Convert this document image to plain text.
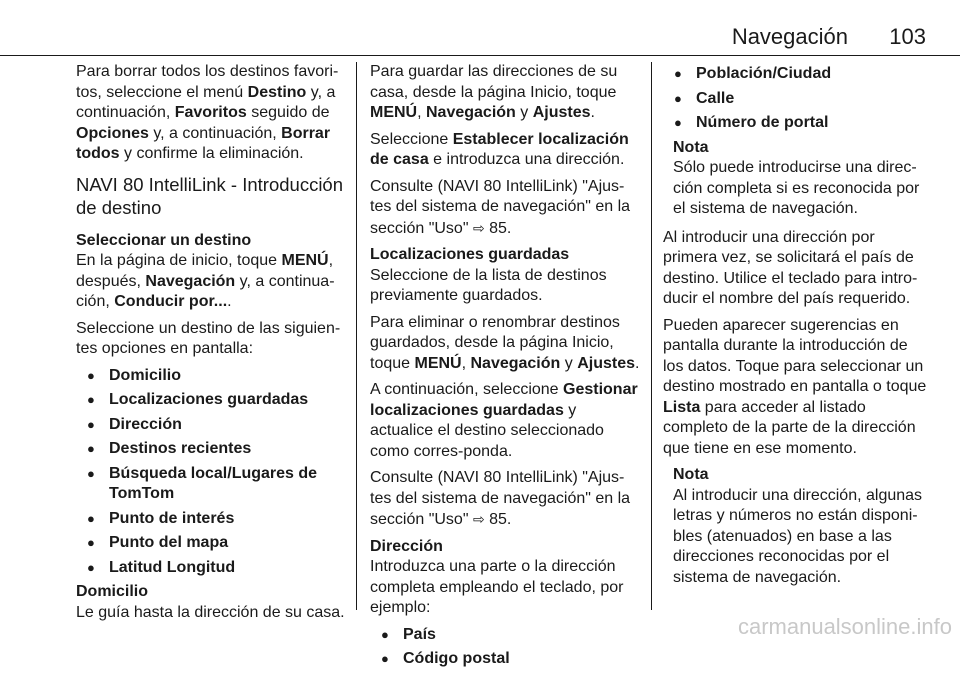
Navegación 103

Para borrar todos los destinos favori-tos, seleccione el menú Destino y, a continuación, Favoritos seguido de Opciones y, a continuación, Borrar todos y confirme la eliminación.

NAVI 80 IntelliLink - Introducción de destino

Seleccionar un destino

En la página de inicio, toque MENÚ, después, Navegación y, a continua-ción, Conducir por....

Seleccione un destino de las siguien-tes opciones en pantalla:

● Domicilio
● Localizaciones guardadas
● Dirección
● Destinos recientes
● Búsqueda local/Lugares de TomTom
● Punto de interés
● Punto del mapa
● Latitud Longitud

Domicilio

Le guía hasta la dirección de su casa.

Para guardar las direcciones de su casa, desde la página Inicio, toque MENÚ, Navegación y Ajustes.

Seleccione Establecer localización de casa e introduzca una dirección.

Consulte (NAVI 80 IntelliLink) "Ajus-tes del sistema de navegación" en la sección "Uso" ⇨ 85.

Localizaciones guardadas

Seleccione de la lista de destinos previamente guardados.

Para eliminar o renombrar destinos guardados, desde la página Inicio, toque MENÚ, Navegación y Ajustes.

A continuación, seleccione Gestionar localizaciones guardadas y actualice el destino seleccionado como corres-ponda.

Consulte (NAVI 80 IntelliLink) "Ajus-tes del sistema de navegación" en la sección "Uso" ⇨ 85.

Dirección

Introduzca una parte o la dirección completa empleando el teclado, por ejemplo:

● País
● Código postal
● Población/Ciudad
● Calle
● Número de portal
Nota
Sólo puede introducirse una direc-ción completa si es reconocida por el sistema de navegación.

Al introducir una dirección por primera vez, se solicitará el país de destino. Utilice el teclado para intro-ducir el nombre del país requerido.

Pueden aparecer sugerencias en pantalla durante la introducción de los datos. Toque para seleccionar un destino mostrado en pantalla o toque Lista para acceder al listado completo de la parte de la dirección que tiene en ese momento.

Nota
Al introducir una dirección, algunas letras y números no están disponi-bles (atenuados) en base a las direcciones reconocidas por el sistema de navegación.
carmanualsonline.info
